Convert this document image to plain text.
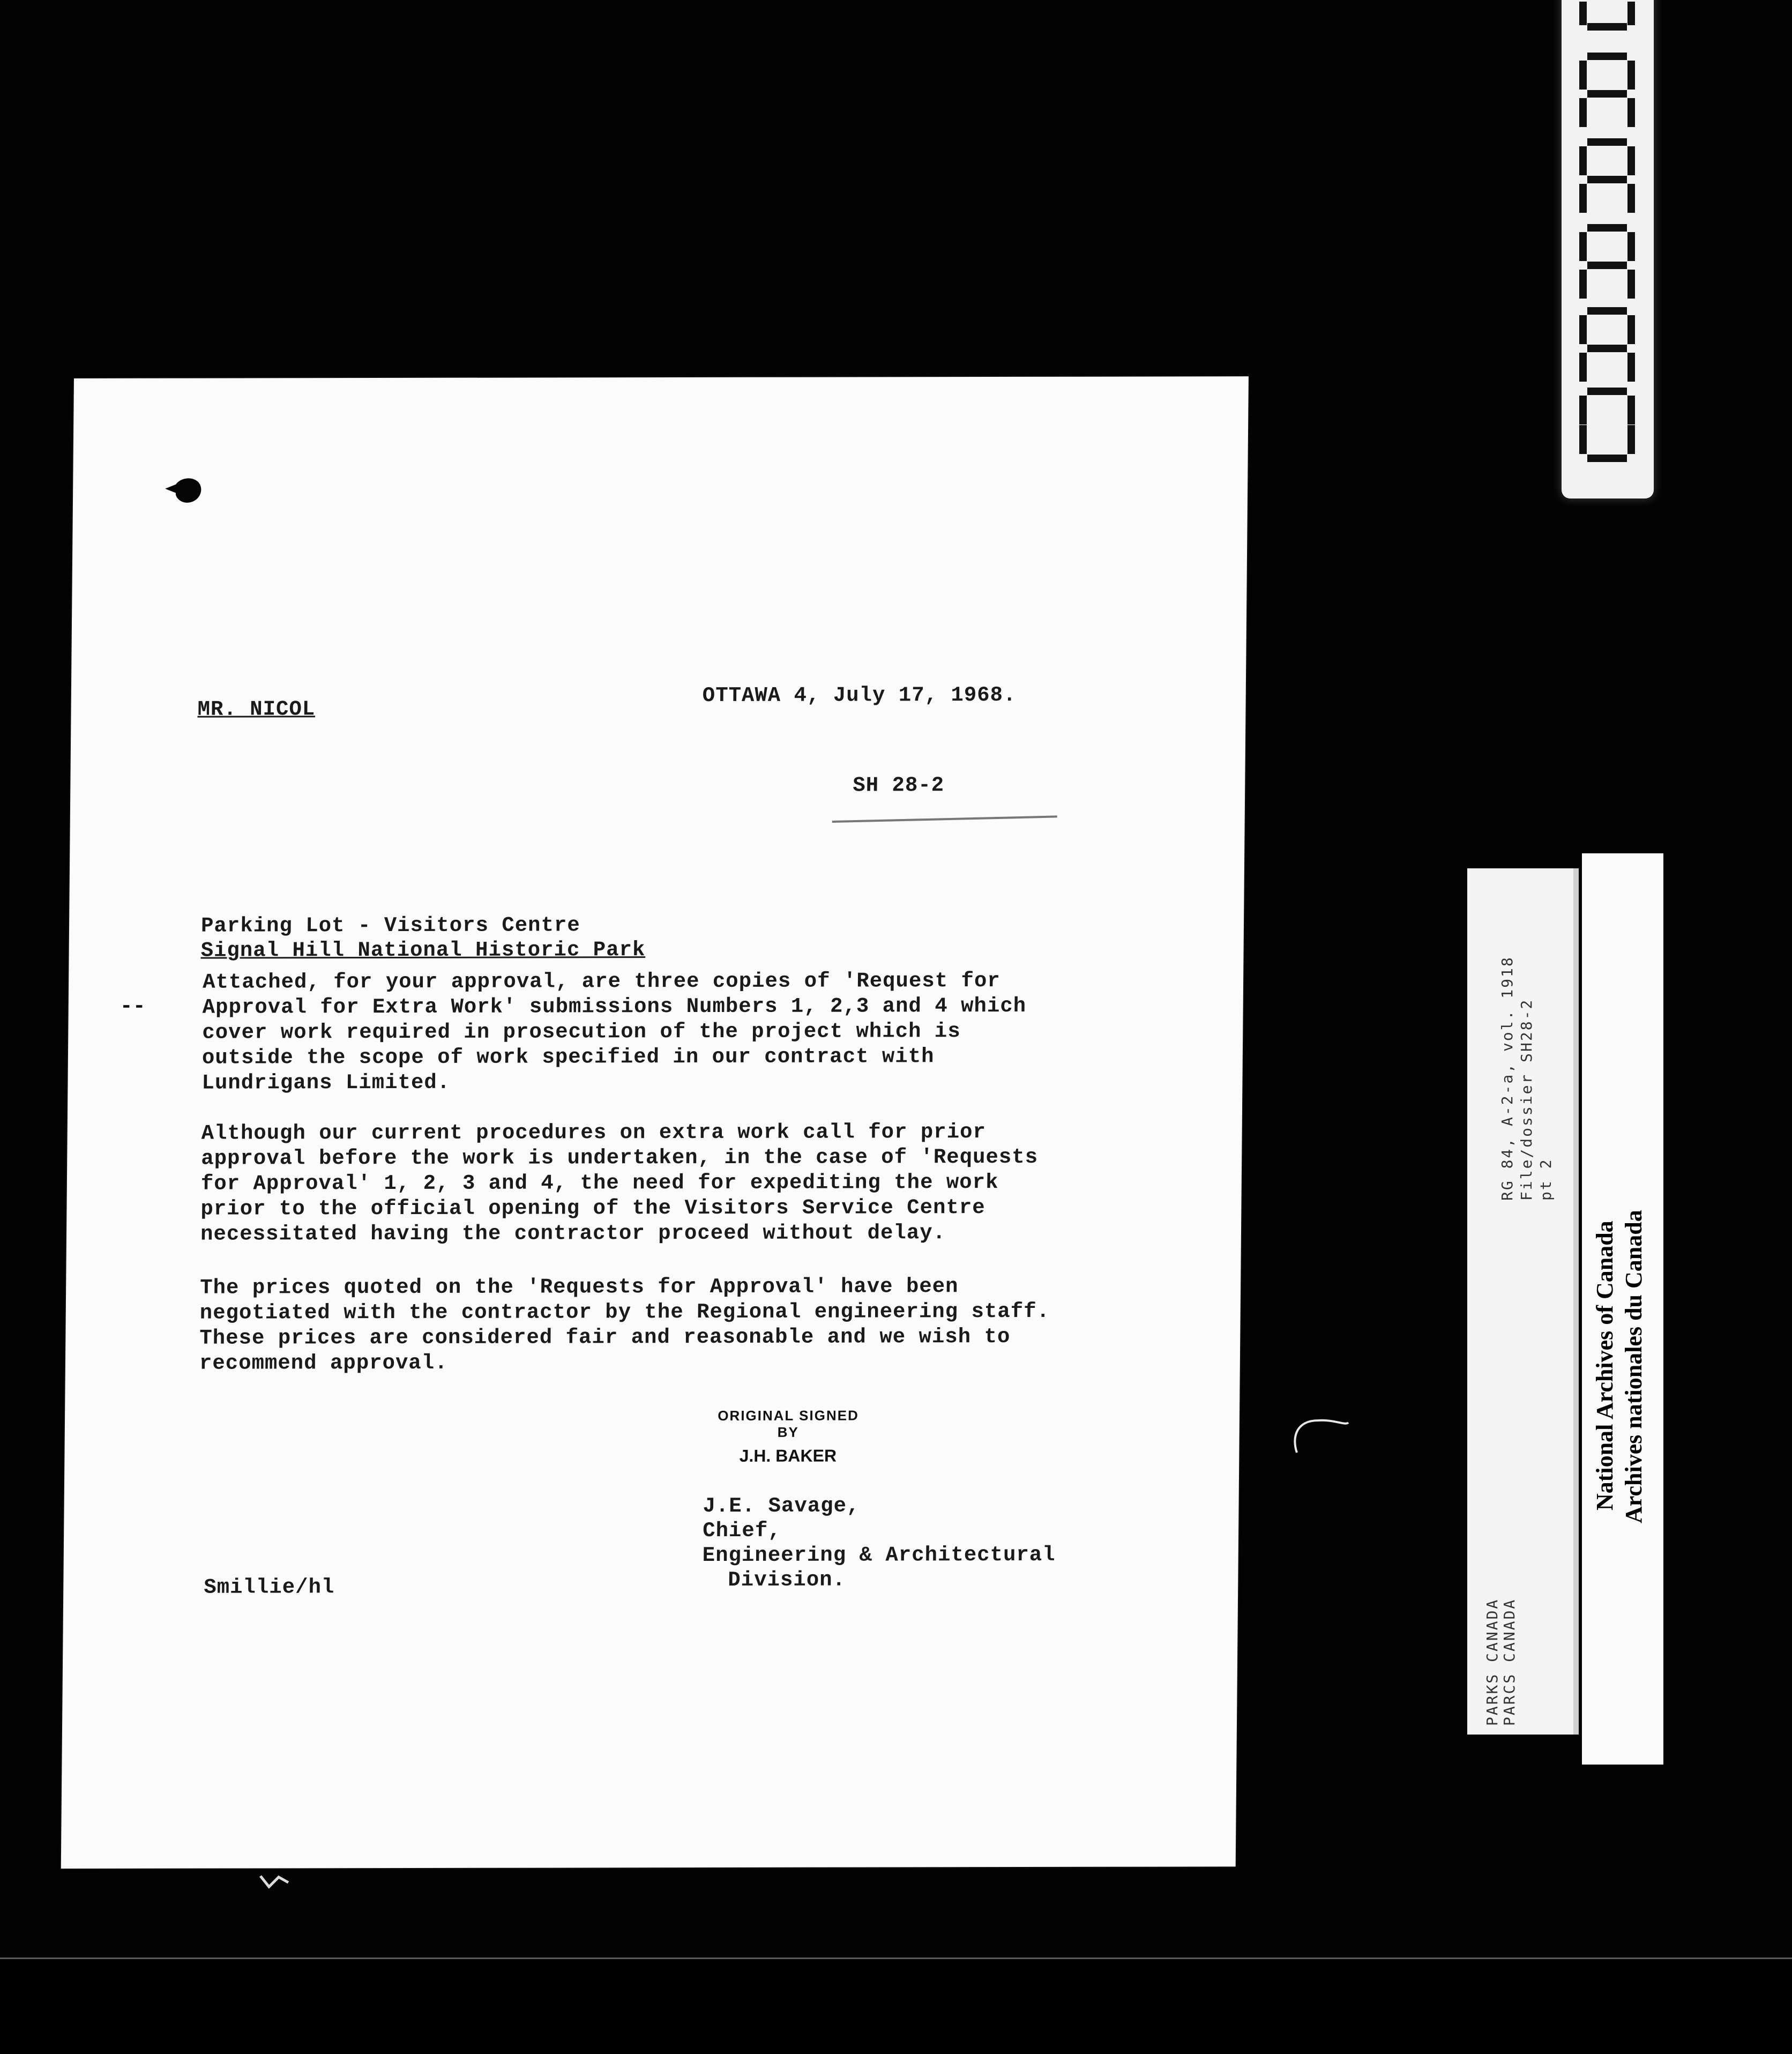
MR. NICOL
OTTAWA 4, July 17, 1968.
SH 28-2
Parking Lot - Visitors Centre
Signal Hill National Historic Park
--
Attached, for your approval, are three copies of 'Request for
Approval for Extra Work' submissions Numbers 1, 2,3 and 4 which
cover work required in prosecution of the project which is
outside the scope of work specified in our contract with
Lundrigans Limited.
Although our current procedures on extra work call for prior
approval before the work is undertaken, in the case of 'Requests
for Approval' 1, 2, 3 and 4, the need for expediting the work
prior to the official opening of the Visitors Service Centre
necessitated having the contractor proceed without delay.
The prices quoted on the 'Requests for Approval' have been
negotiated with the contractor by the Regional engineering staff.
These prices are considered fair and reasonable and we wish to
recommend approval.
ORIGINAL SIGNED BY
J.H. BAKER
J.E. Savage,
Chief,
Engineering & Architectural
Division.
Smillie/hl
RG 84, A-2-a, vol. 1918 File/dossier SH28-2 pt 2
PARKS CANADA PARCS CANADA
National Archives of Canada Archives nationales du Canada
